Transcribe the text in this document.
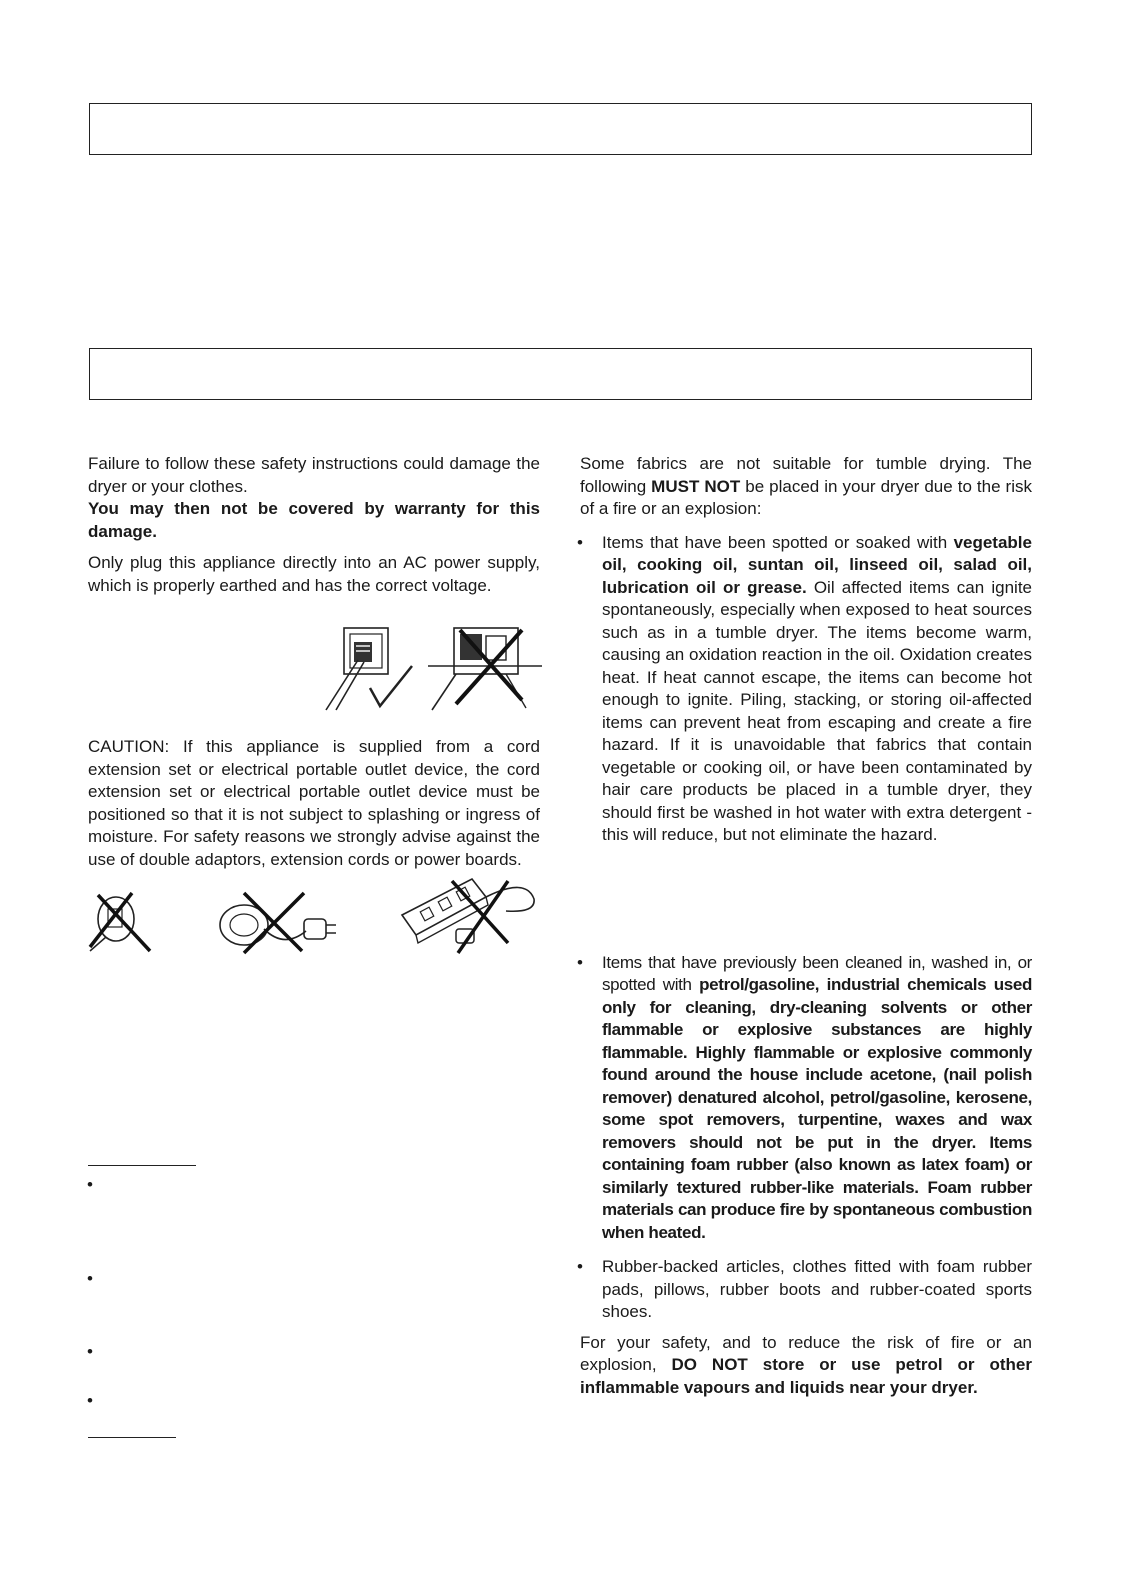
Failure to follow these safety instructions could damage the dryer or your clothes.
You may then not be covered by warranty for this damage.

Only plug this appliance directly into an AC power supply, which is properly earthed and has the correct voltage.

CAUTION: If this appliance is supplied from a cord extension set or electrical portable outlet device, the cord extension set or electrical portable outlet device must be positioned so that it is not subject to splashing or ingress of moisture. For safety reasons we strongly advise against the use of double adaptors, extension cords or power boards.

•
•
•
•

Some fabrics are not suitable for tumble drying. The following MUST NOT be placed in your dryer due to the risk of a fire or an explosion:

• Items that have been spotted or soaked with vegetable oil, cooking oil, suntan oil, linseed oil, salad oil, lubrication oil or grease. Oil affected items can ignite spontaneously, especially when exposed to heat sources such as in a tumble dryer. The items become warm, causing an oxidation reaction in the oil. Oxidation creates heat. If heat cannot escape, the items can become hot enough to ignite. Piling, stacking, or storing oil-affected items can prevent heat from escaping and create a fire hazard. If it is unavoidable that fabrics that contain vegetable or cooking oil, or have been contaminated by hair care products be placed in a tumble dryer, they should first be washed in hot water with extra detergent - this will reduce, but not eliminate the hazard.

• Items that have previously been cleaned in, washed in, or spotted with petrol/gasoline, industrial chemicals used only for cleaning, dry-cleaning solvents or other flammable or explosive substances are highly flammable. Highly flammable or explosive commonly found around the house include acetone, (nail polish remover) denatured alcohol, petrol/gasoline, kerosene, some spot removers, turpentine, waxes and wax removers should not be put in the dryer. Items containing foam rubber (also known as latex foam) or similarly textured rubber-like materials. Foam rubber materials can produce fire by spontaneous combustion when heated.

• Rubber-backed articles, clothes fitted with foam rubber pads, pillows, rubber boots and rubber-coated sports shoes.

For your safety, and to reduce the risk of fire or an explosion, DO NOT store or use petrol or other inflammable vapours and liquids near your dryer.
